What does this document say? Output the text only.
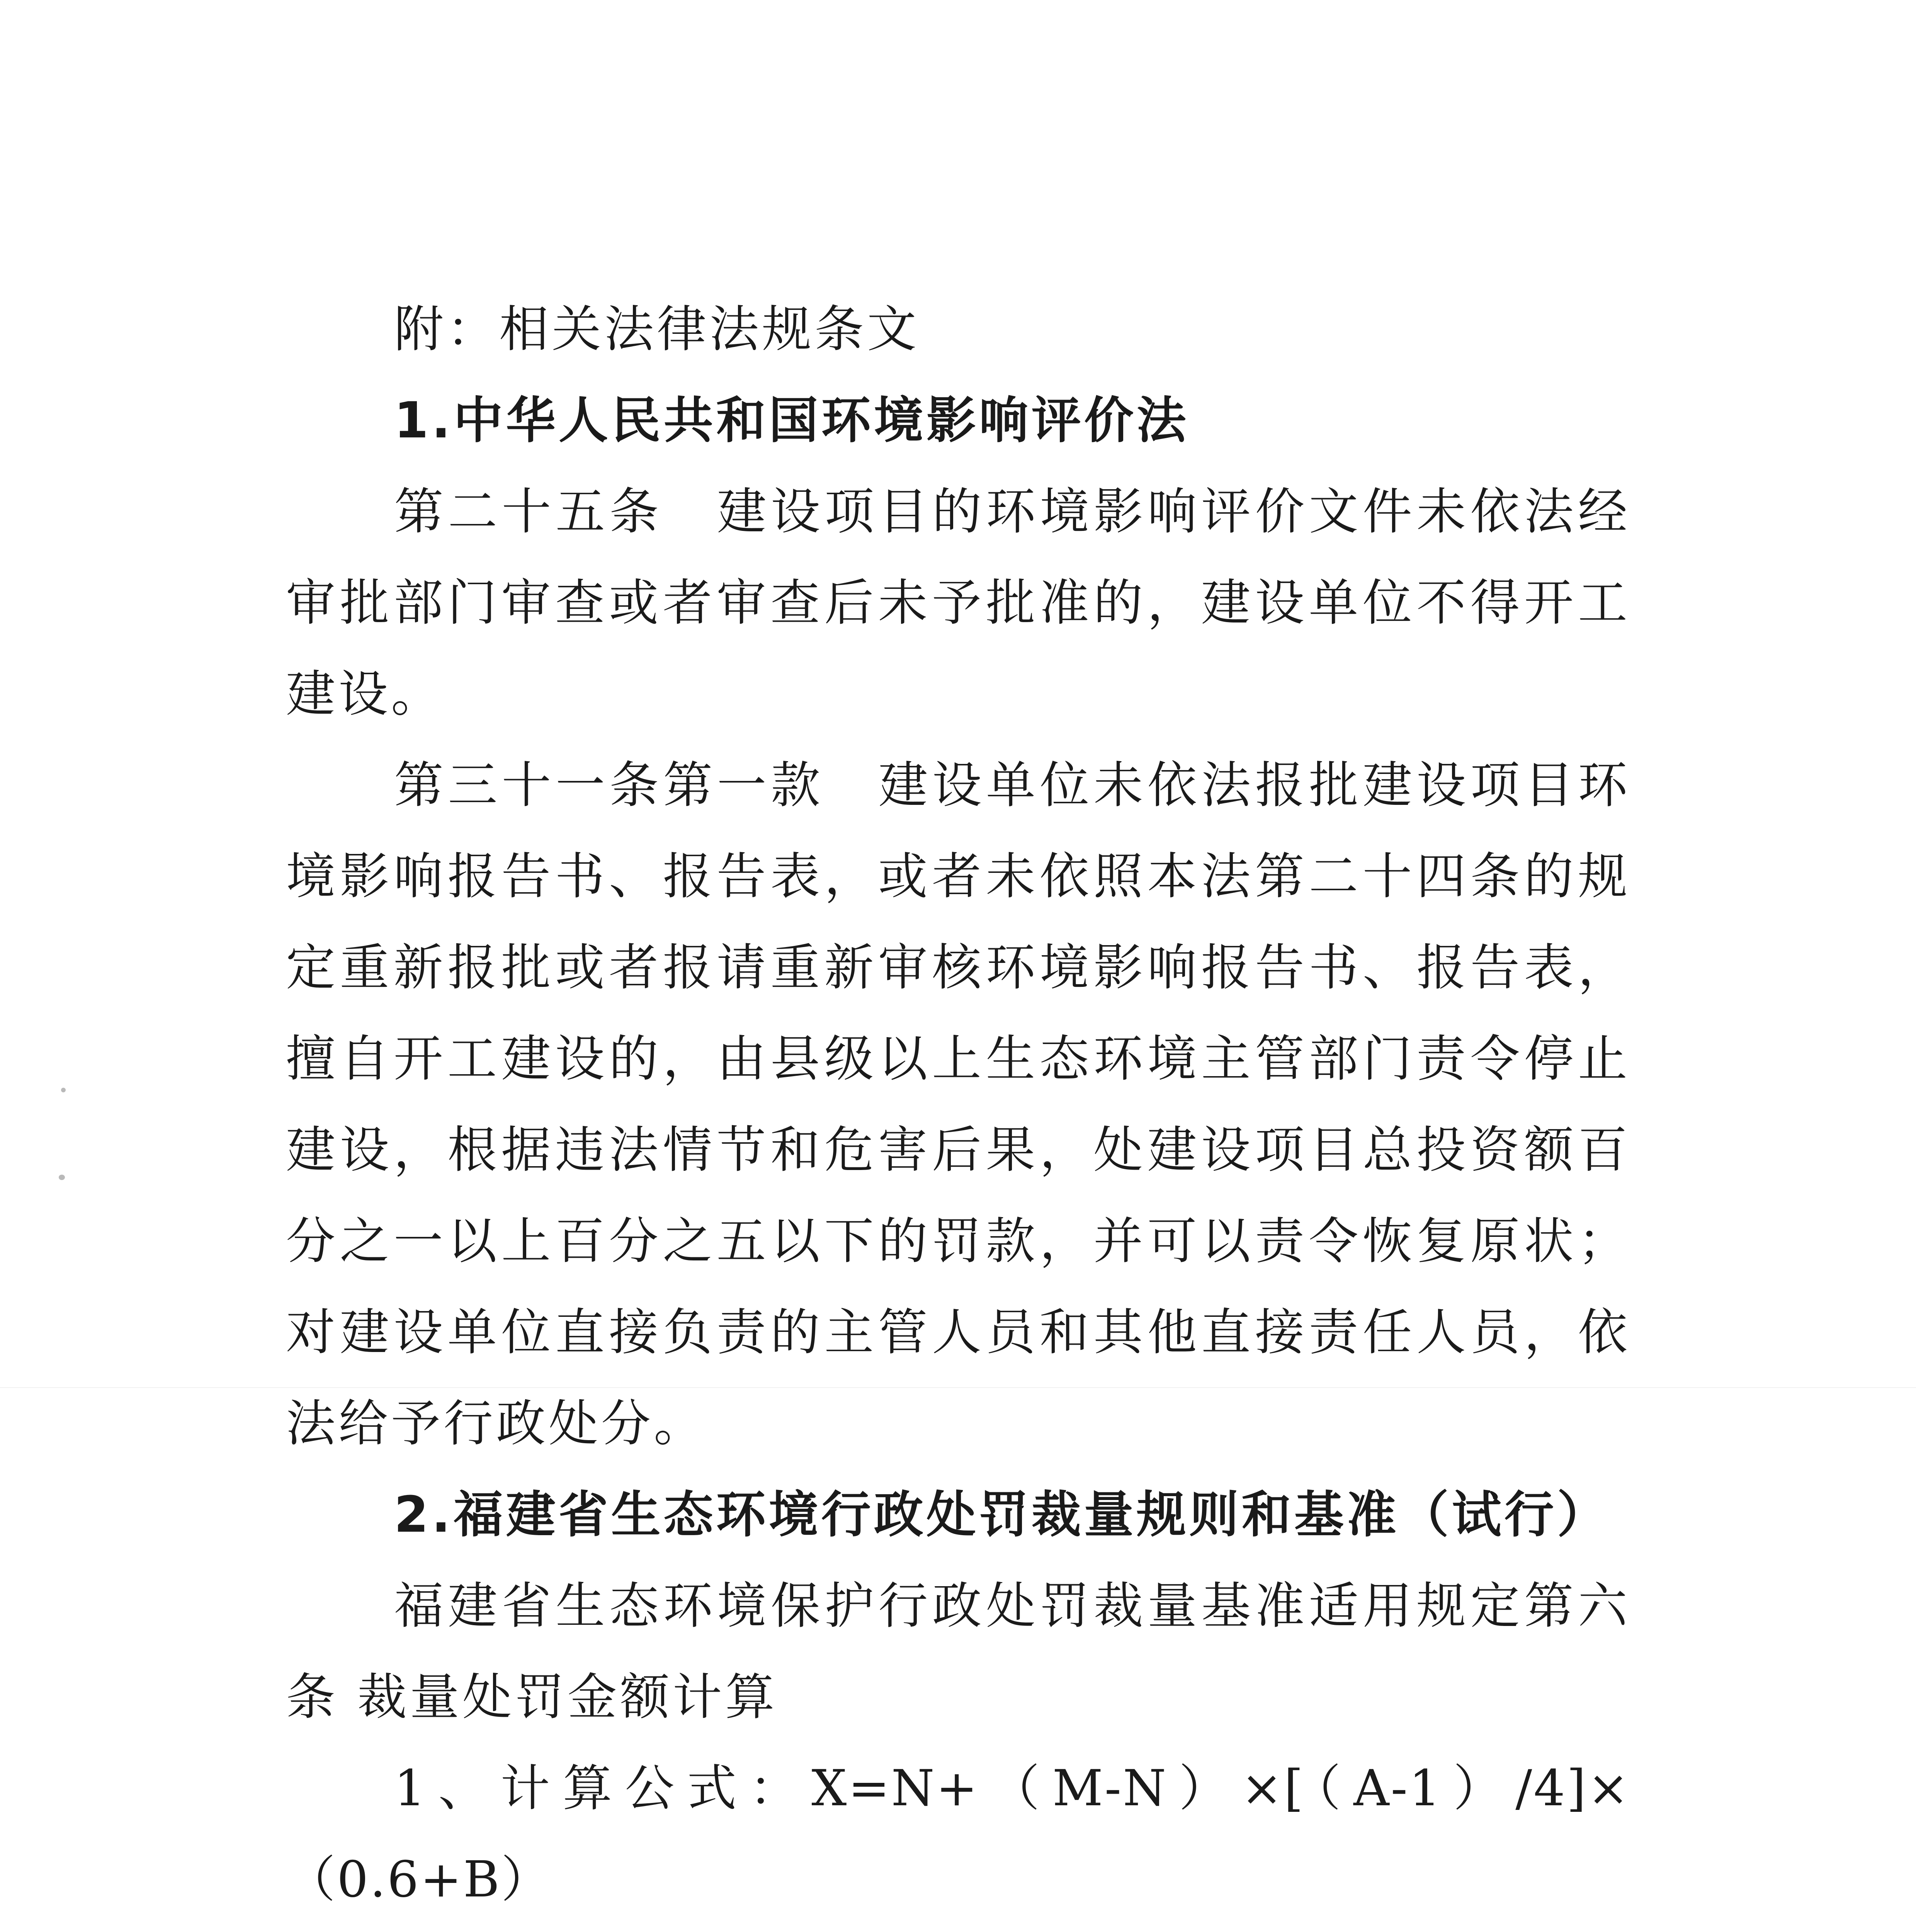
附：相关法律法规条文

1.中华人民共和国环境影响评价法

第二十五条　建设项目的环境影响评价文件未依法经审批部门审查或者审查后未予批准的，建设单位不得开工建设。

第三十一条第一款　建设单位未依法报批建设项目环境影响报告书、报告表，或者未依照本法第二十四条的规定重新报批或者报请重新审核环境影响报告书、报告表，擅自开工建设的，由县级以上生态环境主管部门责令停止建设，根据违法情节和危害后果，处建设项目总投资额百分之一以上百分之五以下的罚款，并可以责令恢复原状；对建设单位直接负责的主管人员和其他直接责任人员，依法给予行政处分。

2.福建省生态环境行政处罚裁量规则和基准（试行）

福建省生态环境保护行政处罚裁量基准适用规定第六条 裁量处罚金额计算

1、计算公式：X=N+（M-N）×[（A-1）/4]×（0.6+B）
